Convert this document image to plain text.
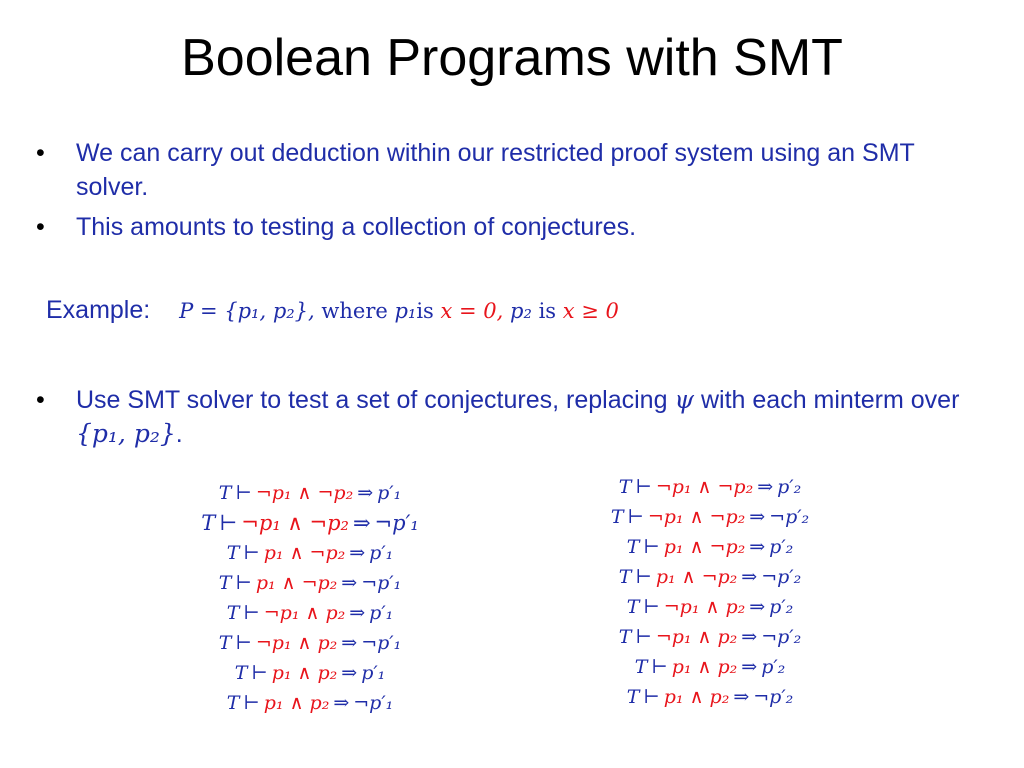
Boolean Programs with SMT
•	We can carry out deduction within our restricted proof system using an SMT solver.
•	This amounts to testing a collection of conjectures.
Example: P = {p₁, p₂}, where p₁is x = 0, p₂ is x ≥ 0
•	Use SMT solver to test a set of conjectures, replacing ψ with each minterm over {p₁, p₂}.
T ⊢ ¬p₁ ∧ ¬p₂ ⇒ p′₁
T ⊢ ¬p₁ ∧ ¬p₂ ⇒ ¬p′₁
T ⊢ p₁ ∧ ¬p₂ ⇒ p′₁
T ⊢ p₁ ∧ ¬p₂ ⇒ ¬p′₁
T ⊢ ¬p₁ ∧ p₂ ⇒ p′₁
T ⊢ ¬p₁ ∧ p₂ ⇒ ¬p′₁
T ⊢ p₁ ∧ p₂ ⇒ p′₁
T ⊢ p₁ ∧ p₂ ⇒ ¬p′₁
T ⊢ ¬p₁ ∧ ¬p₂ ⇒ p′₂
T ⊢ ¬p₁ ∧ ¬p₂ ⇒ ¬p′₂
T ⊢ p₁ ∧ ¬p₂ ⇒ p′₂
T ⊢ p₁ ∧ ¬p₂ ⇒ ¬p′₂
T ⊢ ¬p₁ ∧ p₂ ⇒ p′₂
T ⊢ ¬p₁ ∧ p₂ ⇒ ¬p′₂
T ⊢ p₁ ∧ p₂ ⇒ p′₂
T ⊢ p₁ ∧ p₂ ⇒ ¬p′₂
